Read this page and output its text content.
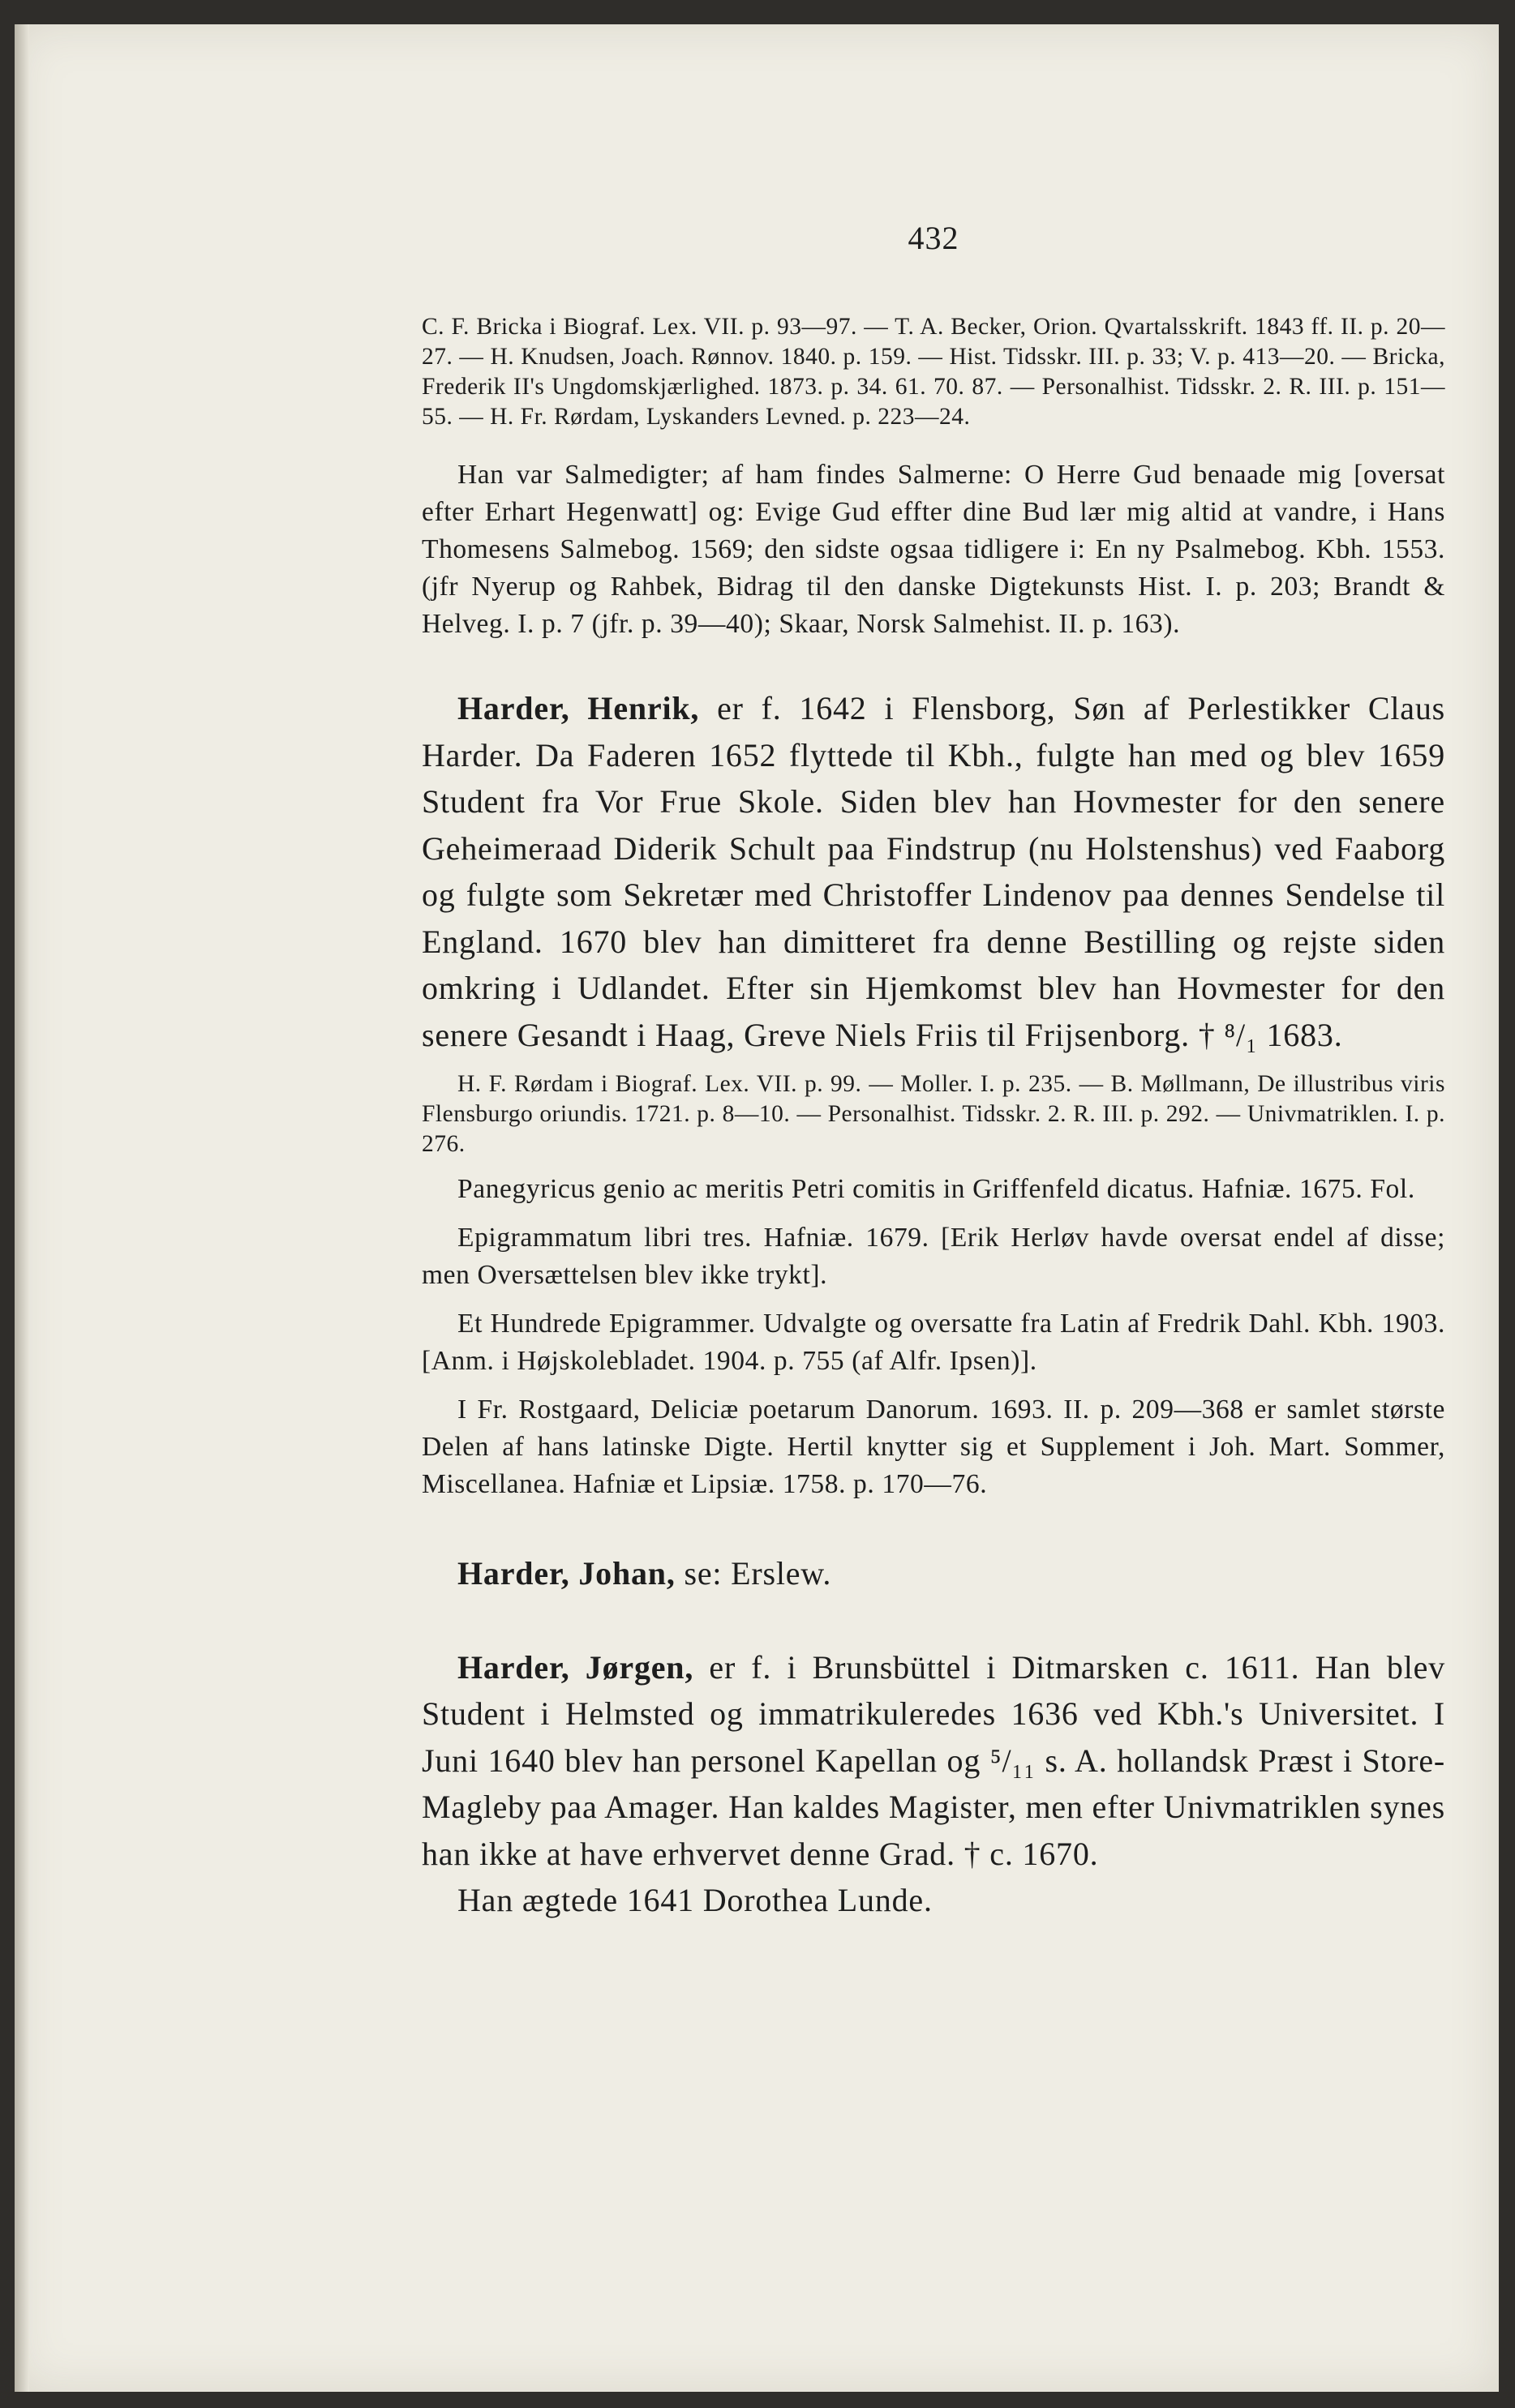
432

C. F. Bricka i Biograf. Lex. VII. p. 93—97. — T. A. Becker, Orion. Qvartalsskrift. 1843 ff. II. p. 20—27. — H. Knudsen, Joach. Rønnov. 1840. p. 159. — Hist. Tidsskr. III. p. 33; V. p. 413—20. — Bricka, Frederik II's Ungdomskjærlighed. 1873. p. 34. 61. 70. 87. — Personalhist. Tidsskr. 2. R. III. p. 151—55. — H. Fr. Rørdam, Lyskanders Levned. p. 223—24.

Han var Salmedigter; af ham findes Salmerne: O Herre Gud benaade mig [oversat efter Erhart Hegenwatt] og: Evige Gud effter dine Bud lær mig altid at vandre, i Hans Thomesens Salmebog. 1569; den sidste ogsaa tidligere i: En ny Psalmebog. Kbh. 1553. (jfr Nyerup og Rahbek, Bidrag til den danske Digtekunsts Hist. I. p. 203; Brandt & Helveg. I. p. 7 (jfr. p. 39—40); Skaar, Norsk Salmehist. II. p. 163).

Harder, Henrik, er f. 1642 i Flensborg, Søn af Perlestikker Claus Harder. Da Faderen 1652 flyttede til Kbh., fulgte han med og blev 1659 Student fra Vor Frue Skole. Siden blev han Hovmester for den senere Geheimeraad Diderik Schult paa Findstrup (nu Holstenshus) ved Faaborg og fulgte som Sekretær med Christoffer Lindenov paa dennes Sendelse til England. 1670 blev han dimitteret fra denne Bestilling og rejste siden omkring i Udlandet. Efter sin Hjemkomst blev han Hovmester for den senere Gesandt i Haag, Greve Niels Friis til Frijsenborg. † ⁸/₁ 1683.

H. F. Rørdam i Biograf. Lex. VII. p. 99. — Moller. I. p. 235. — B. Møllmann, De illustribus viris Flensburgo oriundis. 1721. p. 8—10. — Personalhist. Tidsskr. 2. R. III. p. 292. — Univmatriklen. I. p. 276.

Panegyricus genio ac meritis Petri comitis in Griffenfeld dicatus. Hafniæ. 1675. Fol.

Epigrammatum libri tres. Hafniæ. 1679. [Erik Herløv havde oversat endel af disse; men Oversættelsen blev ikke trykt].

Et Hundrede Epigrammer. Udvalgte og oversatte fra Latin af Fredrik Dahl. Kbh. 1903. [Anm. i Højskolebladet. 1904. p. 755 (af Alfr. Ipsen)].

I Fr. Rostgaard, Deliciæ poetarum Danorum. 1693. II. p. 209—368 er samlet største Delen af hans latinske Digte. Hertil knytter sig et Supplement i Joh. Mart. Sommer, Miscellanea. Hafniæ et Lipsiæ. 1758. p. 170—76.

Harder, Johan, se: Erslew.

Harder, Jørgen, er f. i Brunsbüttel i Ditmarsken c. 1611. Han blev Student i Helmsted og immatrikuleredes 1636 ved Kbh.'s Universitet. I Juni 1640 blev han personel Kapellan og ⁵/₁₁ s. A. hollandsk Præst i Store-Magleby paa Amager. Han kaldes Magister, men efter Univmatriklen synes han ikke at have erhvervet denne Grad. † c. 1670.

Han ægtede 1641 Dorothea Lunde.
